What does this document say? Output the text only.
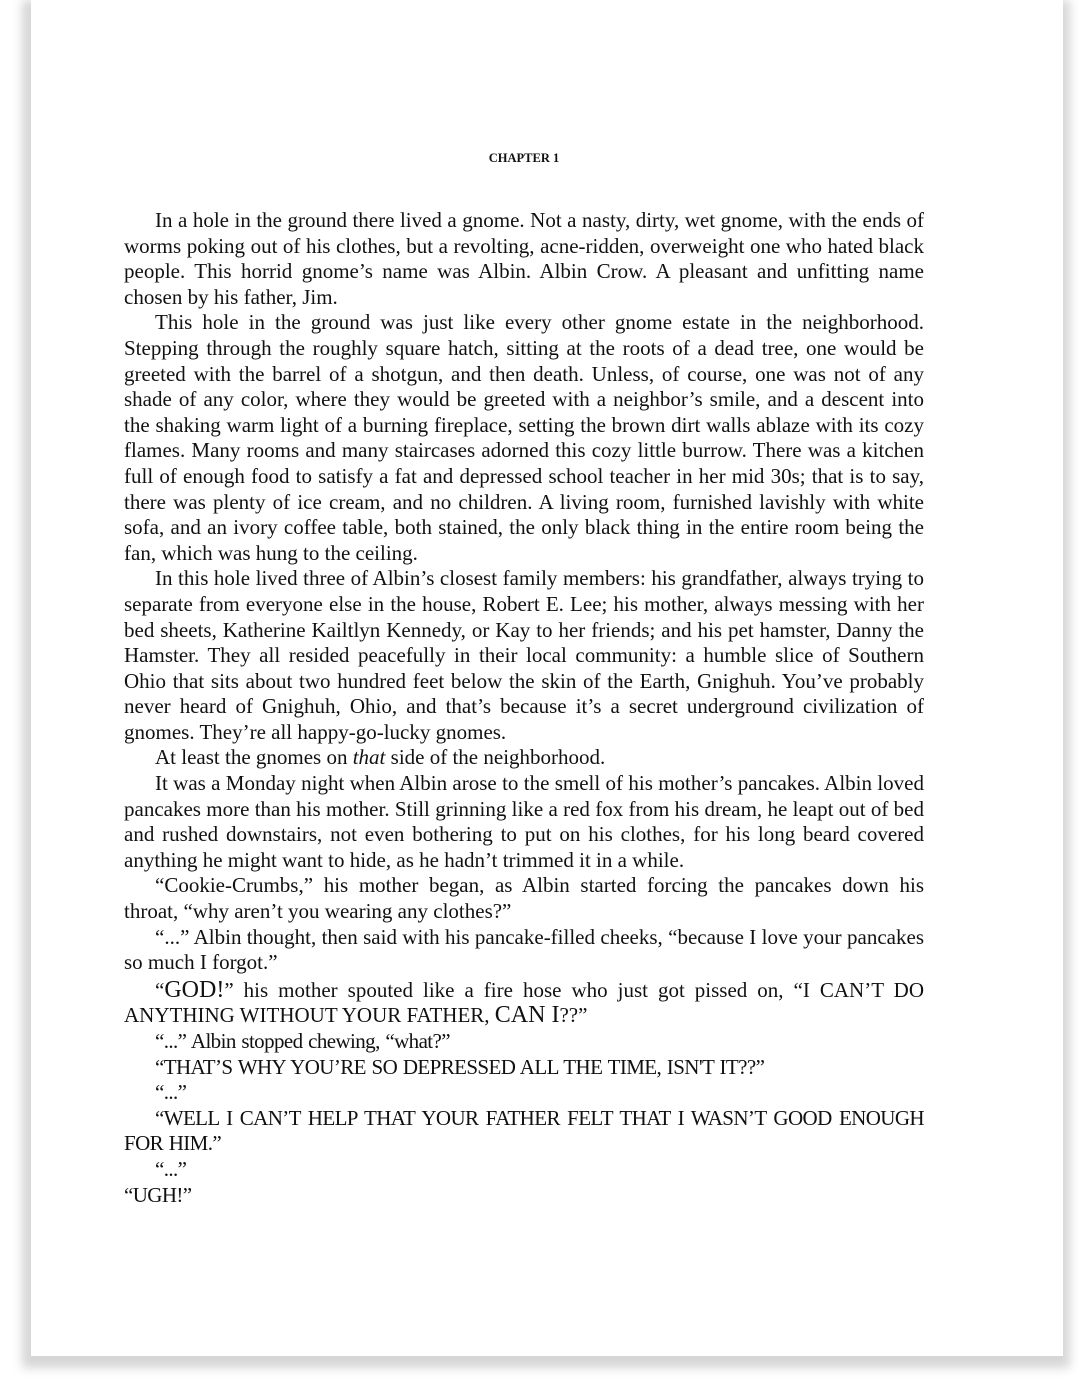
CHAPTER 1

In a hole in the ground there lived a gnome. Not a nasty, dirty, wet gnome, with the ends of worms poking out of his clothes, but a revolting, acne-ridden, overweight one who hated black people. This horrid gnome’s name was Albin. Albin Crow. A pleasant and unfitting name chosen by his father, Jim.

This hole in the ground was just like every other gnome estate in the neighborhood. Stepping through the roughly square hatch, sitting at the roots of a dead tree, one would be greeted with the barrel of a shotgun, and then death. Unless, of course, one was not of any shade of any color, where they would be greeted with a neighbor’s smile, and a descent into the shaking warm light of a burning fireplace, setting the brown dirt walls ablaze with its cozy flames. Many rooms and many staircases adorned this cozy little burrow. There was a kitchen full of enough food to satisfy a fat and depressed school teacher in her mid 30s; that is to say, there was plenty of ice cream, and no children. A living room, furnished lavishly with white sofa, and an ivory coffee table, both stained, the only black thing in the entire room being the fan, which was hung to the ceiling.

In this hole lived three of Albin’s closest family members: his grandfather, always trying to separate from everyone else in the house, Robert E. Lee; his mother, always messing with her bed sheets, Katherine Kailtlyn Kennedy, or Kay to her friends; and his pet hamster, Danny the Hamster. They all resided peacefully in their local community: a humble slice of Southern Ohio that sits about two hundred feet below the skin of the Earth, Gnighuh. You’ve probably never heard of Gnighuh, Ohio, and that’s because it’s a secret underground civilization of gnomes. They’re all happy-go-lucky gnomes.

At least the gnomes on that side of the neighborhood.

It was a Monday night when Albin arose to the smell of his mother’s pancakes. Albin loved pancakes more than his mother. Still grinning like a red fox from his dream, he leapt out of bed and rushed downstairs, not even bothering to put on his clothes, for his long beard covered anything he might want to hide, as he hadn’t trimmed it in a while.

“Cookie-Crumbs,” his mother began, as Albin started forcing the pancakes down his throat, “why aren’t you wearing any clothes?”

“...” Albin thought, then said with his pancake-filled cheeks, “because I love your pancakes so much I forgot.”

“GOD!” his mother spouted like a fire hose who just got pissed on, “I CAN’T DO ANYTHING WITHOUT YOUR FATHER, CAN I??”

“...” Albin stopped chewing, “what?”

“THAT’S WHY YOU’RE SO DEPRESSED ALL THE TIME, ISN'T IT??”

“...”

“WELL I CAN’T HELP THAT YOUR FATHER FELT THAT I WASN’T GOOD ENOUGH FOR HIM.”

“...”

“UGH!”
